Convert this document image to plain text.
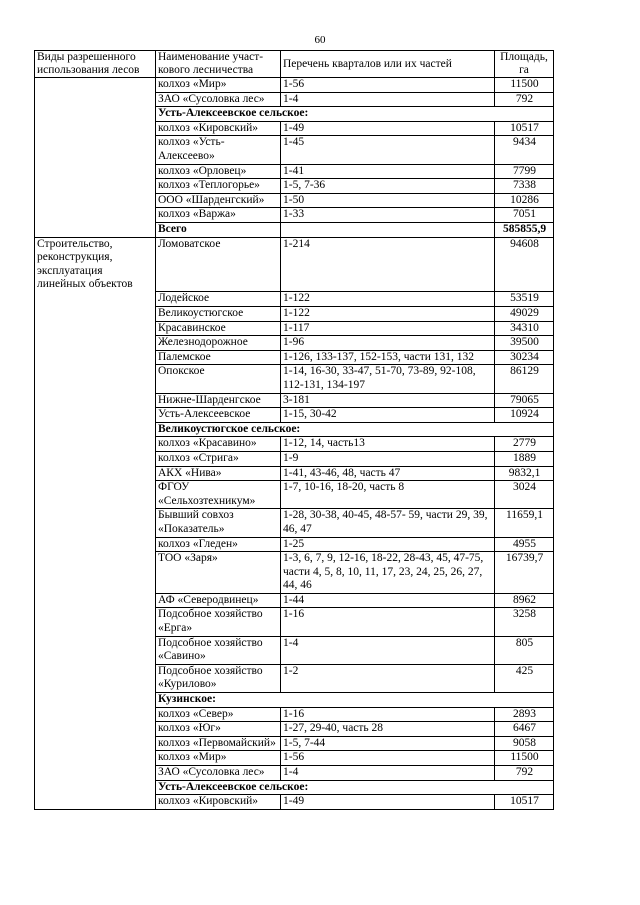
60
Виды разрешенного использования лесов	Наименование участ-кового лесничества	Перечень кварталов или их частей	Площадь, га
	колхоз «Мир»	1-56	11500
	ЗАО «Сусоловка лес»	1-4	792
	Усть-Алексеевское сельское:		
	колхоз «Кировский»	1-49	10517
	колхоз «Усть-Алексеево»	1-45	9434
	колхоз «Орловец»	1-41	7799
	колхоз «Теплогорье»	1-5, 7-36	7338
	ООО «Шарденгский»	1-50	10286
	колхоз «Варжа»	1-33	7051
	Всего		585855,9
Строительство, реконструкция, эксплуатация линейных объектов	Ломоватское	1-214	94608
	Лодейское	1-122	53519
	Великоустюгское	1-122	49029
	Красавинское	1-117	34310
	Железнодорожное	1-96	39500
	Палемское	1-126, 133-137, 152-153, части 131, 132	30234
	Опокское	1-14, 16-30, 33-47, 51-70, 73-89, 92-108, 112-131, 134-197	86129
	Нижне-Шарденгское	3-181	79065
	Усть-Алексеевское	1-15, 30-42	10924
	Великоустюгское сельское:		
	колхоз «Красавино»	1-12, 14, часть13	2779
	колхоз «Стрига»	1-9	1889
	АКХ «Нива»	1-41, 43-46, 48, часть 47	9832,1
	ФГОУ «Сельхозтехникум»	1-7, 10-16, 18-20, часть 8	3024
	Бывший совхоз «Показатель»	1-28, 30-38, 40-45, 48-57- 59, части 29, 39, 46, 47	11659,1
	колхоз «Гледен»	1-25	4955
	ТОО «Заря»	1-3, 6, 7, 9, 12-16, 18-22, 28-43, 45, 47-75, части 4, 5, 8, 10, 11, 17, 23, 24, 25, 26, 27, 44, 46	16739,7
	АФ «Северодвинец»	1-44	8962
	Подсобное хозяйство «Ерга»	1-16	3258
	Подсобное хозяйство «Савино»	1-4	805
	Подсобное хозяйство «Курилово»	1-2	425
	Кузинское:		
	колхоз «Север»	1-16	2893
	колхоз «Юг»	1-27, 29-40, часть 28	6467
	колхоз «Первомайский»	1-5, 7-44	9058
	колхоз «Мир»	1-56	11500
	ЗАО «Сусоловка лес»	1-4	792
	Усть-Алексеевское сельское:		
	колхоз «Кировский»	1-49	10517
